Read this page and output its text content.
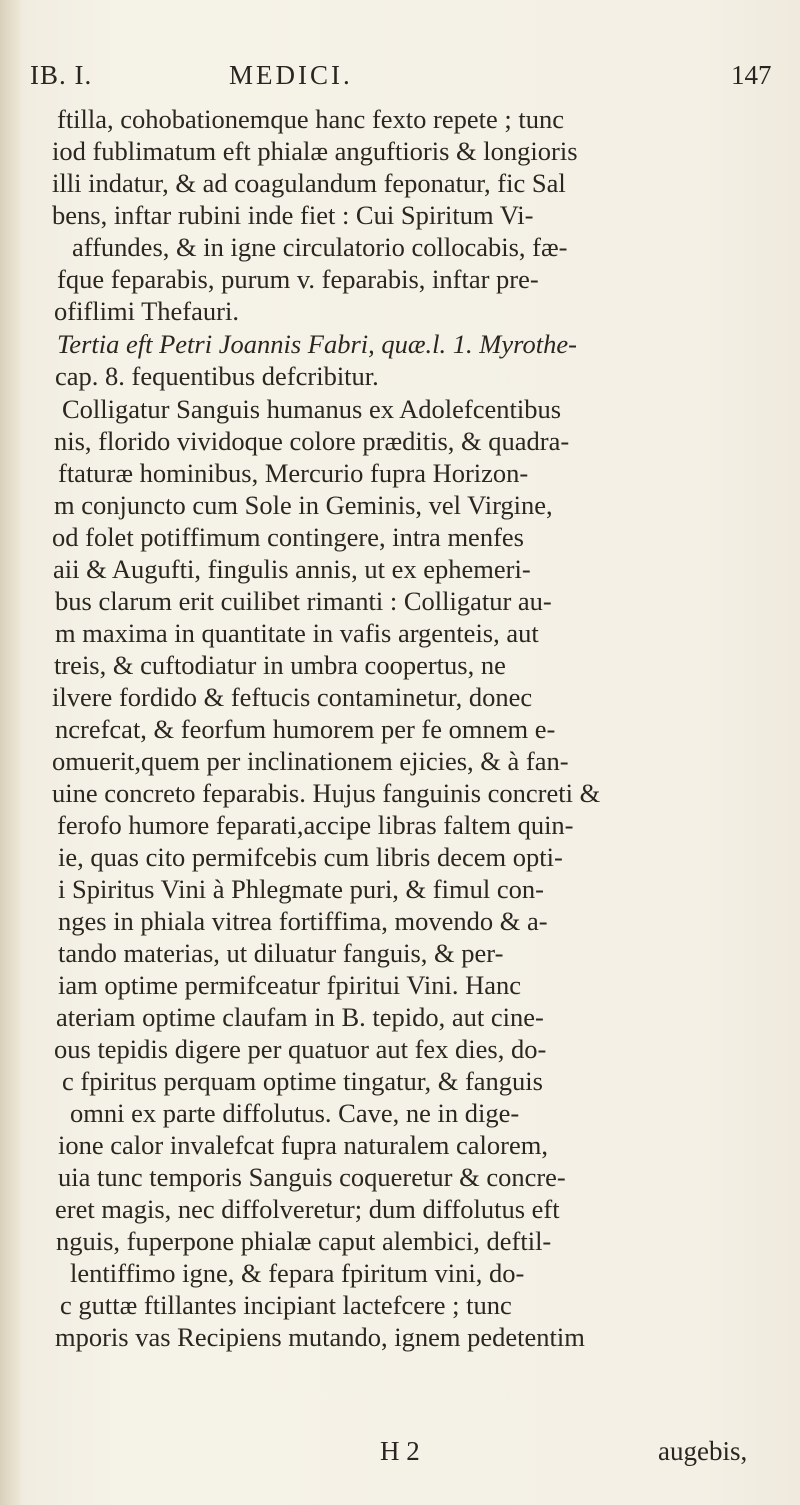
IB. I.	MEDICI.	147
ftilla, cohobationemque hanc fexto repete ; tunc
iod fublimatum eft phialæ anguftioris & longioris
illi indatur, & ad coagulandum feponatur, fic Sal
bens, inftar rubini inde fiet : Cui Spiritum Vi-
affundes, & in igne circulatorio collocabis, fæ-
fque feparabis, purum v. feparabis, inftar pre-
ofiflimi Thefauri.
Tertia eft Petri Joannis Fabri, quæ.l. 1. Myrothe-
cap. 8. fequentibus defcribitur.
Colligatur Sanguis humanus ex Adolefcentibus
nis, florido vividoque colore præditis, & quadra-
ftaturæ hominibus, Mercurio fupra Horizon-
m conjuncto cum Sole in Geminis, vel Virgine,
od folet potiffimum contingere, intra menfes
aii & Augufti, fingulis annis, ut ex ephemeri-
bus clarum erit cuilibet rimanti : Colligatur au-
m maxima in quantitate in vafis argenteis, aut
treis, & cuftodiatur in umbra coopertus, ne
ilvere fordido & feftucis contaminetur, donec
ncrefcat, & feorfum humorem per fe omnem e-
omuerit,quem per inclinationem ejicies, & à fan-
uine concreto feparabis. Hujus fanguinis concreti &
ferofo humore feparati,accipe libras faltem quin-
ie, quas cito permifcebis cum libris decem opti-
i Spiritus Vini à Phlegmate puri, & fimul con-
nges in phiala vitrea fortiffima, movendo & a-
tando materias, ut diluatur fanguis, & per-
iam optime permifceatur fpiritui Vini. Hanc
ateriam optime claufam in B. tepido, aut cine-
ous tepidis digere per quatuor aut fex dies, do-
c fpiritus perquam optime tingatur, & fanguis
omni ex parte diffolutus. Cave, ne in dige-
ione calor invalefcat fupra naturalem calorem,
uia tunc temporis Sanguis coqueretur & concre-
eret magis, nec diffolveretur; dum diffolutus eft
nguis, fuperpone phialæ caput alembici, deftil-
lentiffimo igne, & fepara fpiritum vini, do-
c guttæ ftillantes incipiant lactefcere ; tunc
mporis vas Recipiens mutando, ignem pedetentim
H 2	augebis,
